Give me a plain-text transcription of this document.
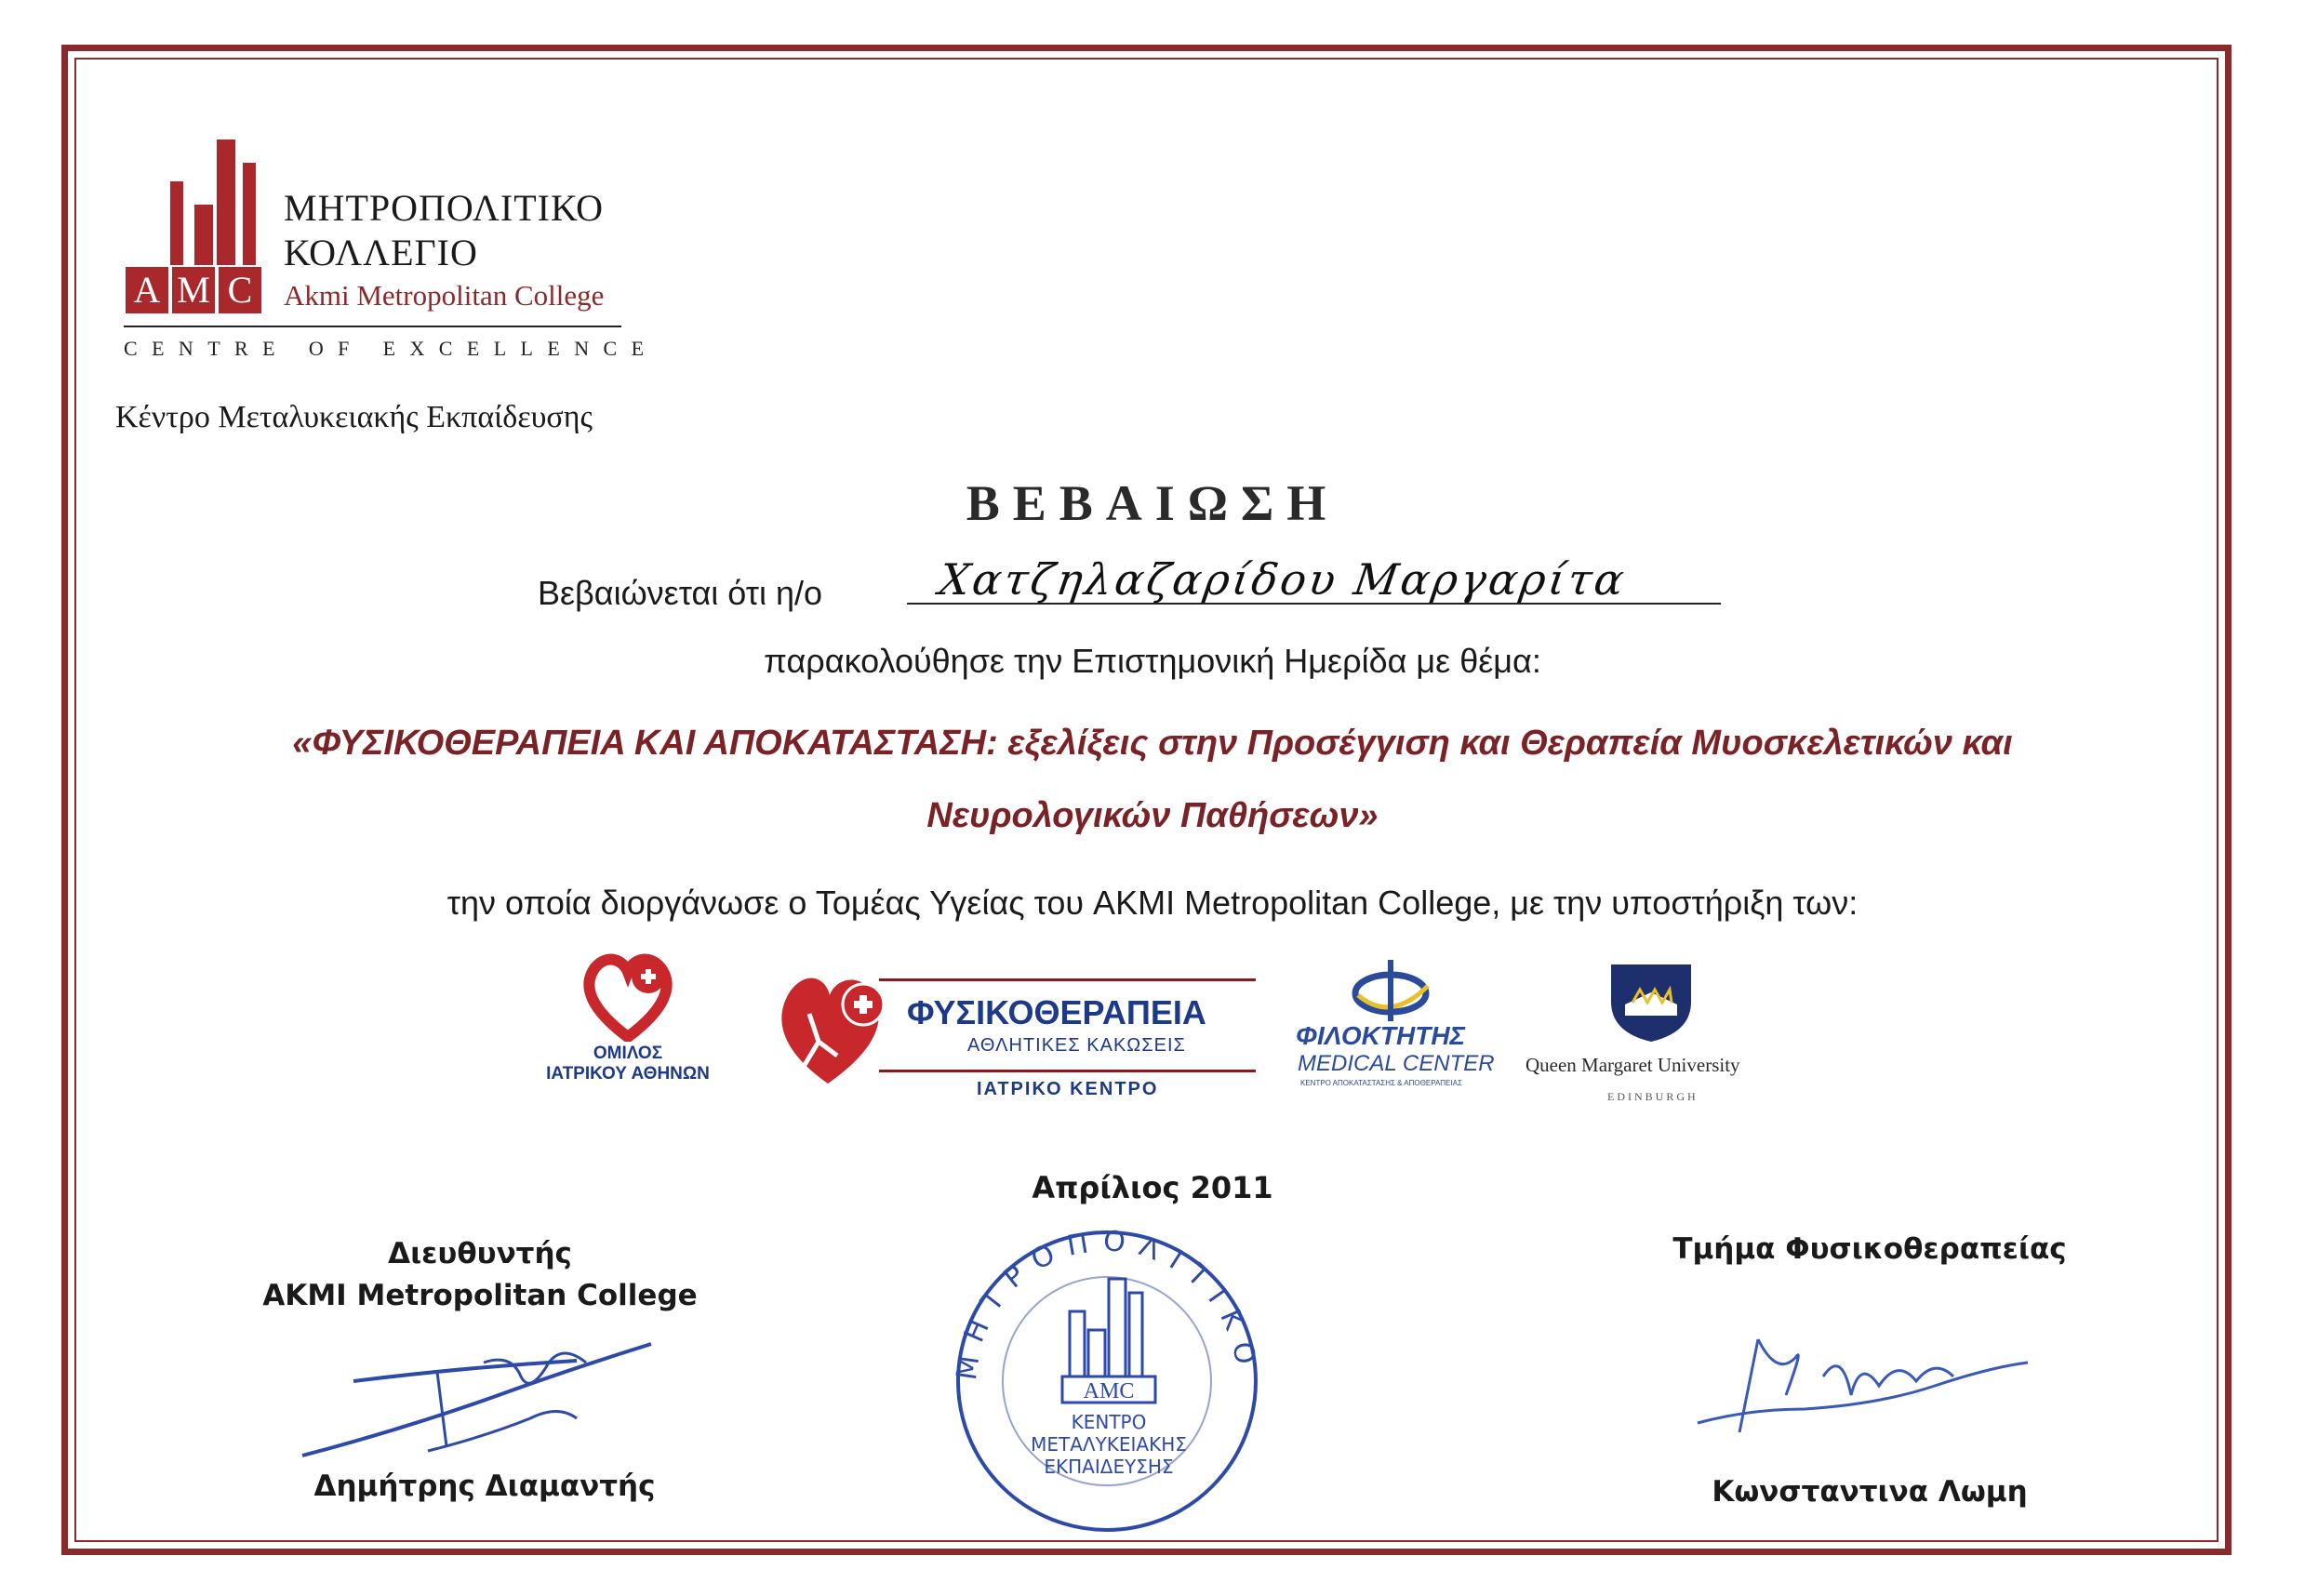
A M C
ΜΗΤΡΟΠΟΛΙΤΙΚΟ
ΚΟΛΛΕΓΙΟ
Akmi Metropolitan College
CENTRE OF EXCELLENCE
Κέντρο Μεταλυκειακής Εκπαίδευσης
ΒΕΒΑΙΩΣΗ
Βεβαιώνεται ότι η/ο	Χατζηλαζαρίδου Μαργαρίτα
παρακολούθησε την Επιστημονική Ημερίδα με θέμα:
«ΦΥΣΙΚΟΘΕΡΑΠΕΙΑ ΚΑΙ ΑΠΟΚΑΤΑΣΤΑΣΗ: εξελίξεις στην Προσέγγιση και Θεραπεία Μυοσκελετικών και
Νευρολογικών Παθήσεων»
την οποία διοργάνωσε ο Τομέας Υγείας του AKMI Metropolitan College, με την υποστήριξη των:
ΟΜΙΛΟΣ
ΙΑΤΡΙΚΟΥ ΑΘΗΝΩΝ
ΦΥΣΙΚΟΘΕΡΑΠΕΙΑ
ΑΘΛΗΤΙΚΕΣ ΚΑΚΩΣΕΙΣ
ΙΑΤΡΙΚΟ ΚΕΝΤΡΟ
ΦΙΛΟΚΤΗΤΗΣ
MEDICAL CENTER
ΚΕΝΤΡΟ ΑΠΟΚΑΤΑΣΤΑΣΗΣ & ΑΠΟΘΕΡΑΠΕΙΑΣ
Queen Margaret University
EDINBURGH
Απρίλιος 2011
Διευθυντής
AKMI Metropolitan College
Δημήτρης Διαμαντής
Τμήμα Φυσικοθεραπείας
Κωνσταντινα Λωμη
ΜΗΤΡΟΠΟΛΙΤΙΚΟ
AMC
ΚΕΝΤΡΟ
ΜΕΤΑΛΥΚΕΙΑΚΗΣ
ΕΚΠΑΙΔΕΥΣΗΣ
